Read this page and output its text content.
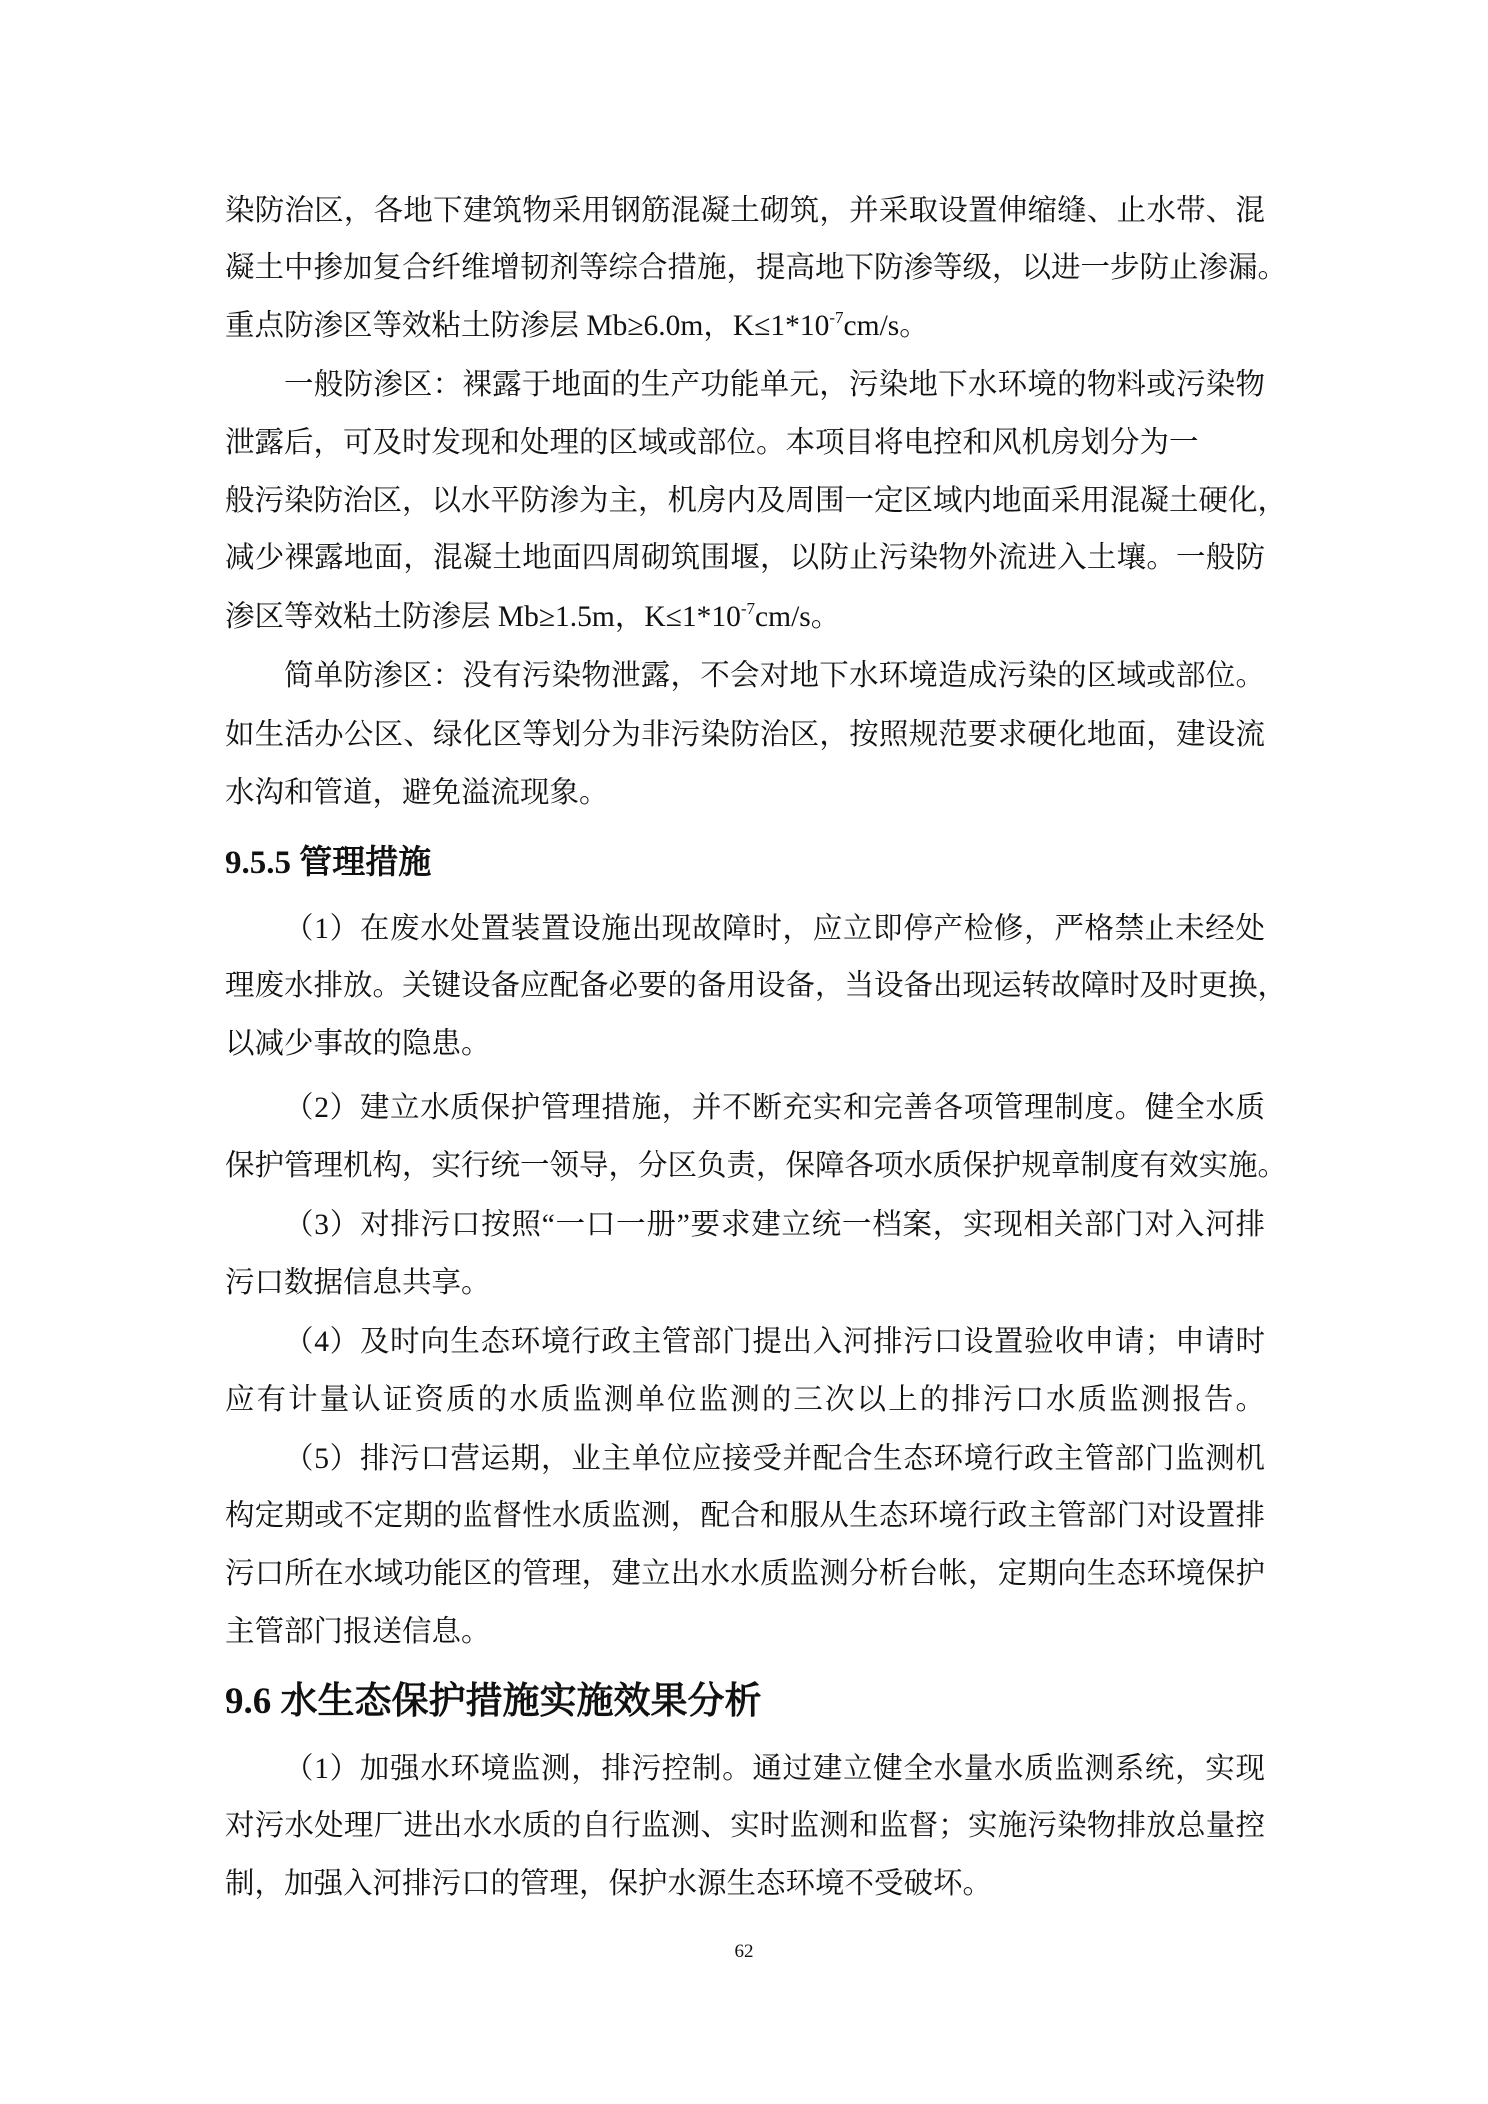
染防治区，各地下建筑物采用钢筋混凝土砌筑，并采取设置伸缩缝、止水带、混
凝土中掺加复合纤维增韧剂等综合措施，提高地下防渗等级，以进一步防止渗漏。
重点防渗区等效粘土防渗层 Mb≥6.0m，$K\le 1*10^{-7}cm/s$。
一般防渗区：裸露于地面的生产功能单元，污染地下水环境的物料或污染物
泄露后，可及时发现和处理的区域或部位。本项目将电控和风机房划分为一
般污染防治区，以水平防渗为主，机房内及周围一定区域内地面采用混凝土硬化，
减少裸露地面，混凝土地面四周砌筑围堰，以防止污染物外流进入土壤。一般防
渗区等效粘土防渗层 Mb≥1.5m，$K\le 1*10^{-7}cm/s$。
简单防渗区：没有污染物泄露，不会对地下水环境造成污染的区域或部位。
如生活办公区、绿化区等划分为非污染防治区，按照规范要求硬化地面，建设流
水沟和管道，避免溢流现象。
9.5.5 管理措施
（1）在废水处置装置设施出现故障时，应立即停产检修，严格禁止未经处
理废水排放。关键设备应配备必要的备用设备，当设备出现运转故障时及时更换，
以减少事故的隐患。
（2）建立水质保护管理措施，并不断充实和完善各项管理制度。健全水质
保护管理机构，实行统一领导，分区负责，保障各项水质保护规章制度有效实施。
（3）对排污口按照“一口一册”要求建立统一档案，实现相关部门对入河排
污口数据信息共享。
（4）及时向生态环境行政主管部门提出入河排污口设置验收申请；申请时
应有计量认证资质的水质监测单位监测的三次以上的排污口水质监测报告。
（5）排污口营运期，业主单位应接受并配合生态环境行政主管部门监测机
构定期或不定期的监督性水质监测，配合和服从生态环境行政主管部门对设置排
污口所在水域功能区的管理，建立出水水质监测分析台帐，定期向生态环境保护
主管部门报送信息。
9.6 水生态保护措施实施效果分析
（1）加强水环境监测，排污控制。通过建立健全水量水质监测系统，实现
对污水处理厂进出水水质的自行监测、实时监测和监督；实施污染物排放总量控
制，加强入河排污口的管理，保护水源生态环境不受破坏。
62
